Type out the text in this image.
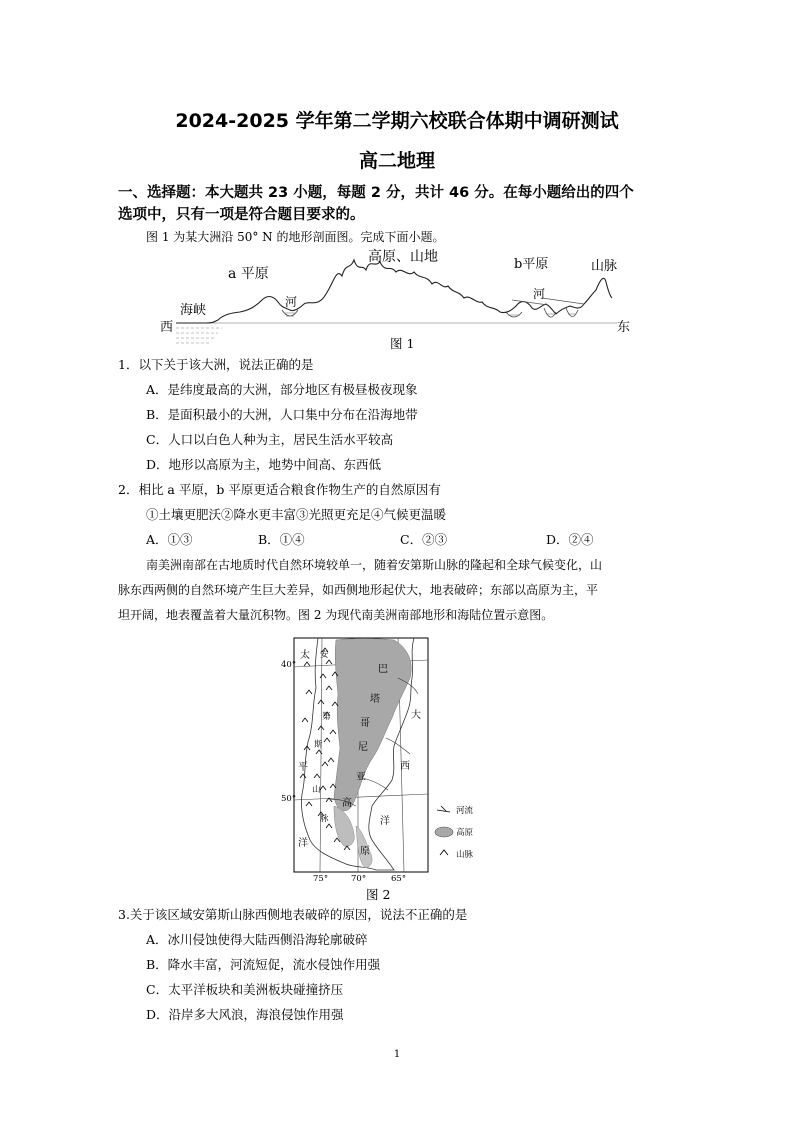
2024-2025 学年第二学期六校联合体期中调研测试
高二地理
一、选择题：本大题共 23 小题，每题 2 分，共计 46 分。在每小题给出的四个
选项中，只有一项是符合题目要求的。
图 1 为某大洲沿 50° N 的地形剖面图。完成下面小题。
西	东
海峡
a 平原
河
高原、山地	b平原
河
山脉
图 1
1．以下关于该大洲，说法正确的是
A．是纬度最高的大洲，部分地区有极昼极夜现象
B．是面积最小的大洲，人口集中分布在沿海地带
C．人口以白色人种为主，居民生活水平较高
D．地形以高原为主，地势中间高、东西低
2．相比 a 平原，b 平原更适合粮食作物生产的自然原因有
①土壤更肥沃②降水更丰富③光照更充足④气候更温暖
A．①③	B．①④	C．②③	D．②④
南美洲南部在古地质时代自然环境较单一，随着安第斯山脉的隆起和全球气候变化，山
脉东西两侧的自然环境产生巨大差异，如西侧地形起伏大，地表破碎；东部以高原为主，平
坦开阔，地表覆盖着大量沉积物。图 2 为现代南美洲南部地形和海陆位置示意图。
40°
50°
75°	70°	65°
太
平
洋
安
第
斯
山
脉
巴
塔
哥
尼
亚
高
原
大
西
洋
河流
高原
山脉
图 2
3.关于该区域安第斯山脉西侧地表破碎的原因，说法不正确的是
A．冰川侵蚀使得大陆西侧沿海轮廓破碎
B．降水丰富，河流短促，流水侵蚀作用强
C．太平洋板块和美洲板块碰撞挤压
D．沿岸多大风浪，海浪侵蚀作用强
1
